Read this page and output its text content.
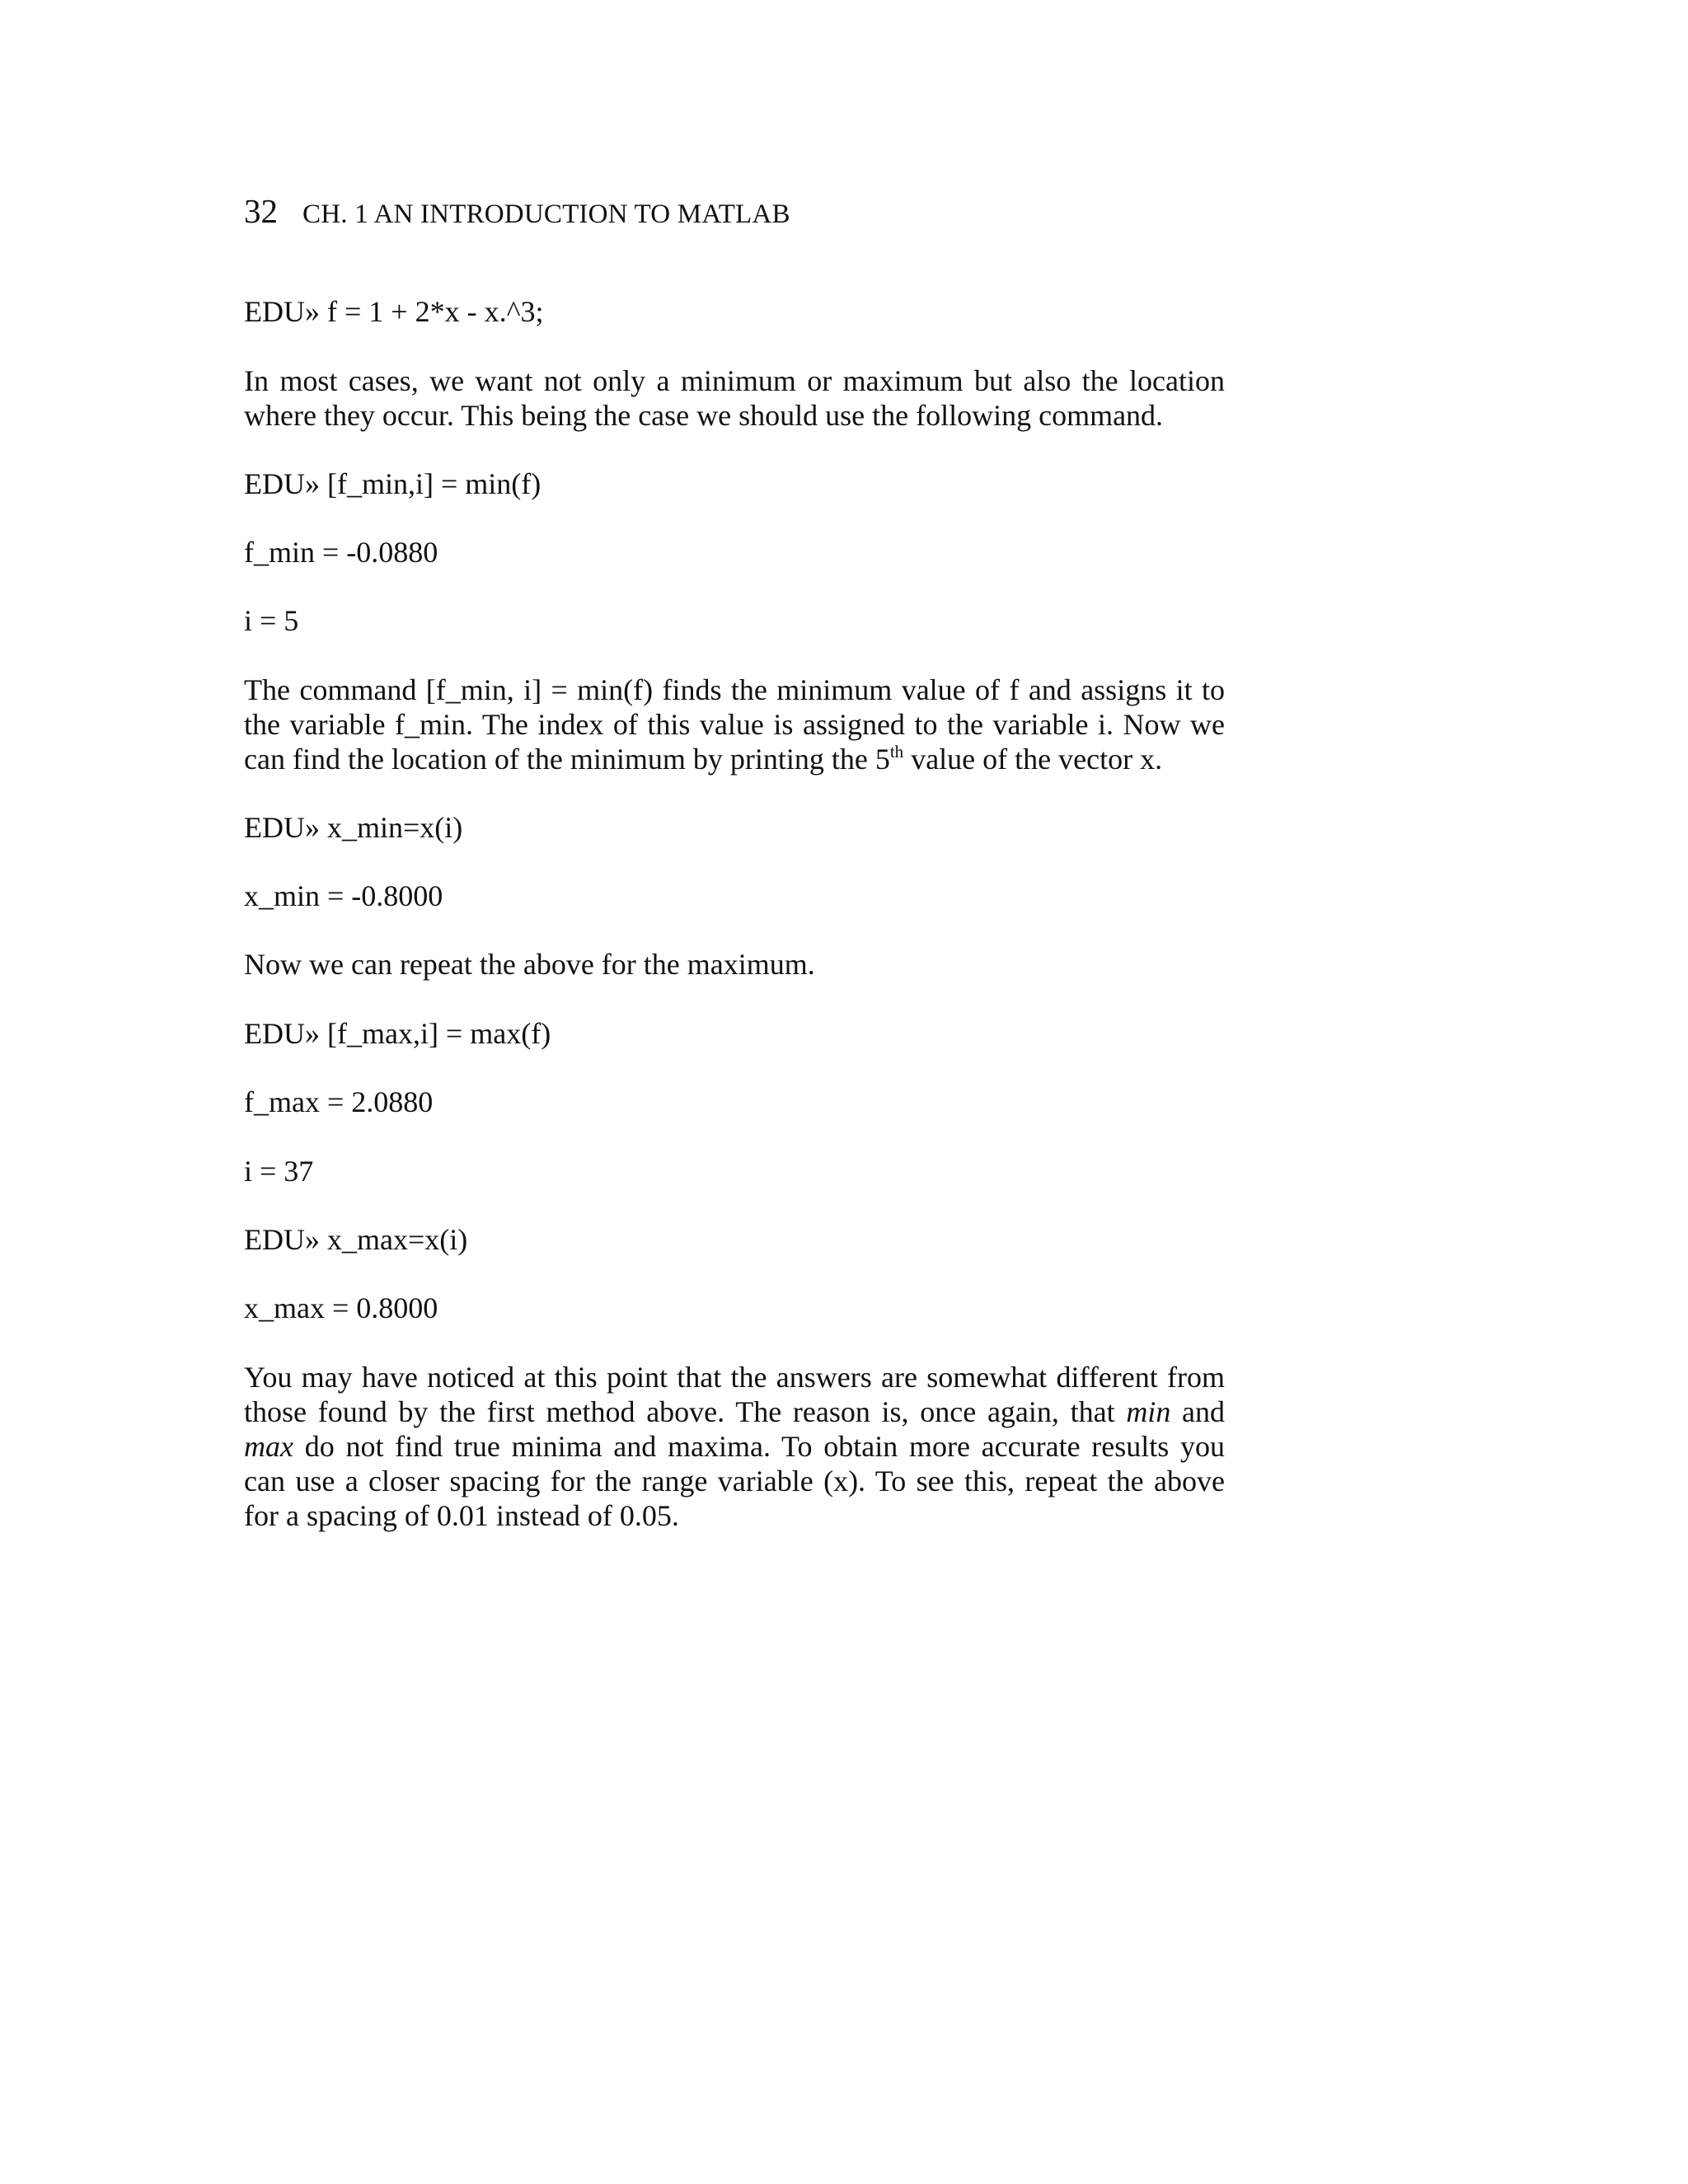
32 CH. 1 AN INTRODUCTION TO MATLAB
EDU» f = 1 + 2*x - x.^3;
In most cases, we want not only a minimum or maximum but also the location
where they occur. This being the case we should use the following command.
EDU» [f_min,i] = min(f)
f_min = -0.0880
i = 5
The command [f_min, i] = min(f) finds the minimum value of f and assigns it to
the variable f_min. The index of this value is assigned to the variable i. Now we
can find the location of the minimum by printing the 5th value of the vector x.
EDU» x_min=x(i)
x_min = -0.8000
Now we can repeat the above for the maximum.
EDU» [f_max,i] = max(f)
f_max = 2.0880
i = 37
EDU» x_max=x(i)
x_max = 0.8000
You may have noticed at this point that the answers are somewhat different from
those found by the first method above. The reason is, once again, that min and
max do not find true minima and maxima. To obtain more accurate results you
can use a closer spacing for the range variable (x). To see this, repeat the above
for a spacing of 0.01 instead of 0.05.
